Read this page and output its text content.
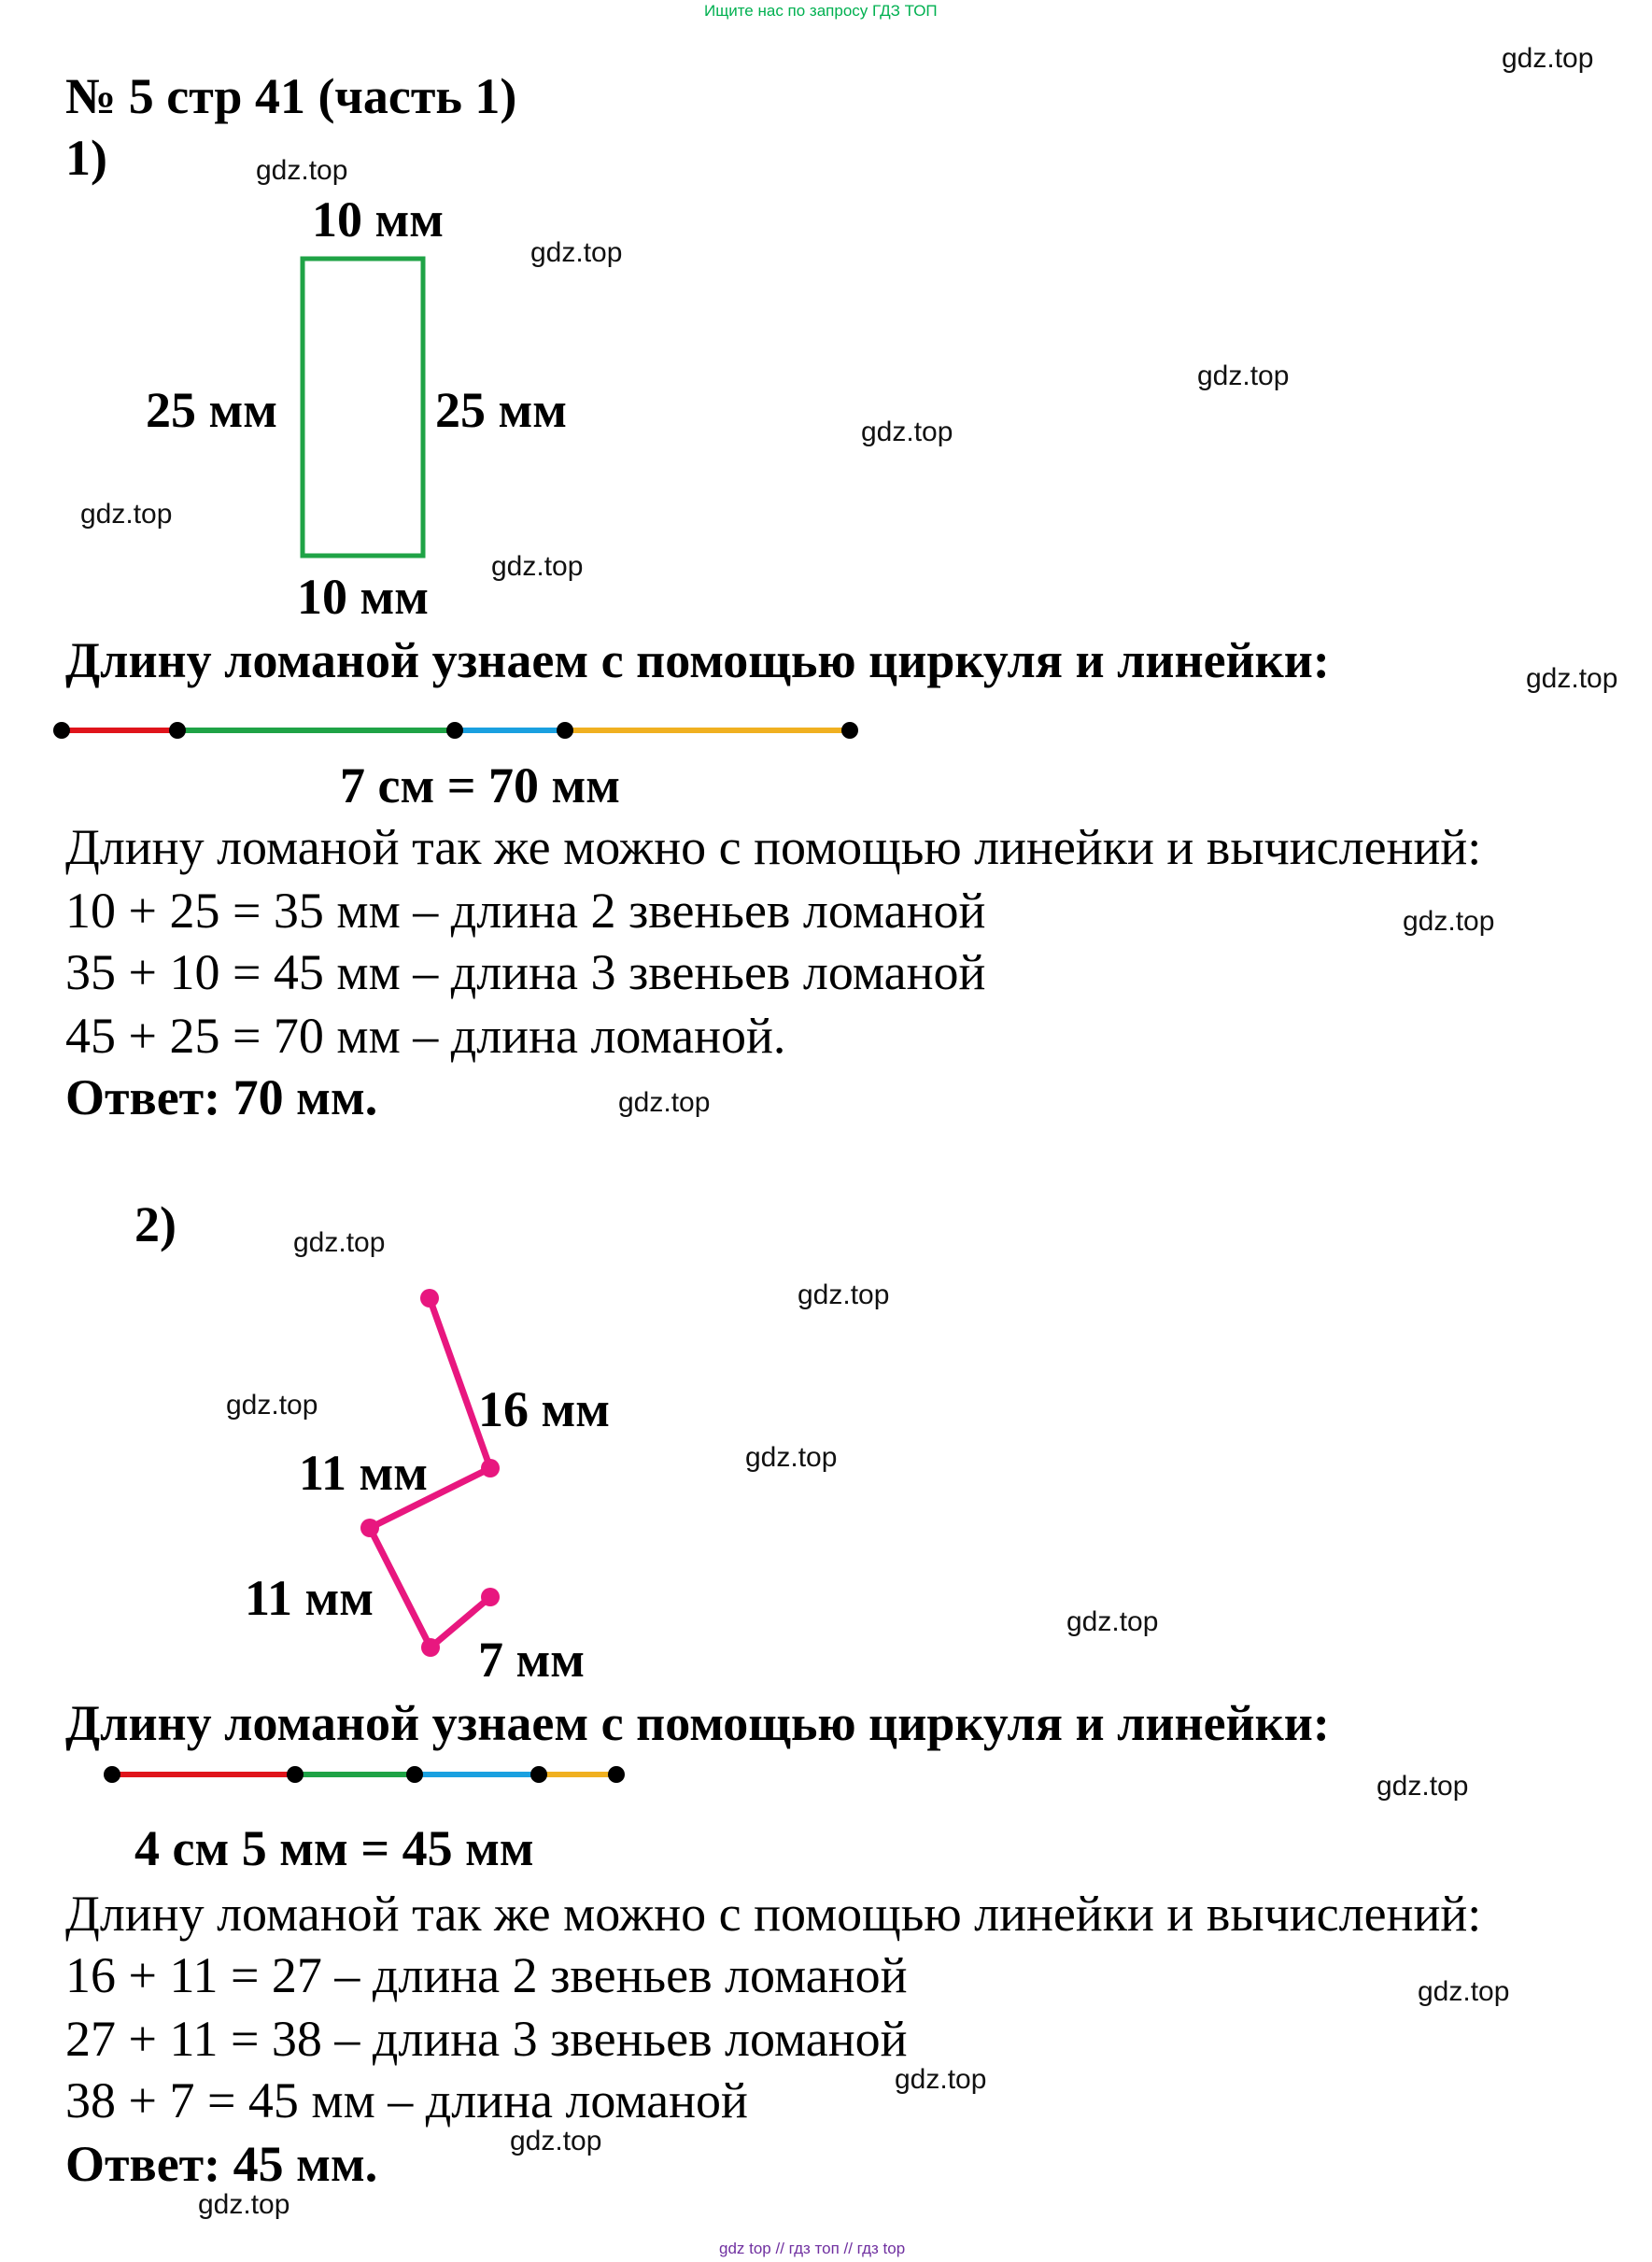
Ищите нас по запросу ГДЗ ТОП
№ 5 стр 41 (часть 1)
1)
10 мм
25 мм	25 мм
10 мм
Длину ломаной узнаем с помощью циркуля и линейки:
7 см = 70 мм
Длину ломаной так же можно с помощью линейки и вычислений:
10 + 25 = 35 мм – длина 2 звеньев ломаной
35 + 10 = 45 мм – длина 3 звеньев ломаной
45 + 25 = 70 мм – длина ломаной.
Ответ: 70 мм.
2)
16 мм
11 мм
11 мм
7 мм
Длину ломаной узнаем с помощью циркуля и линейки:
4 см 5 мм = 45 мм
Длину ломаной так же можно с помощью линейки и вычислений:
16 + 11 = 27 – длина 2 звеньев ломаной
27 + 11 = 38 – длина 3 звеньев ломаной
38 + 7 = 45 мм – длина ломаной
Ответ: 45 мм.
gdz.top
gdz.top
gdz.top
gdz.top
gdz.top
gdz.top
gdz.top
gdz.top
gdz.top
gdz.top
gdz.top
gdz.top
gdz.top
gdz.top
gdz.top
gdz.top
gdz.top
gdz.top
gdz.top
gdz.top
gdz top // гдз топ // гдз top
